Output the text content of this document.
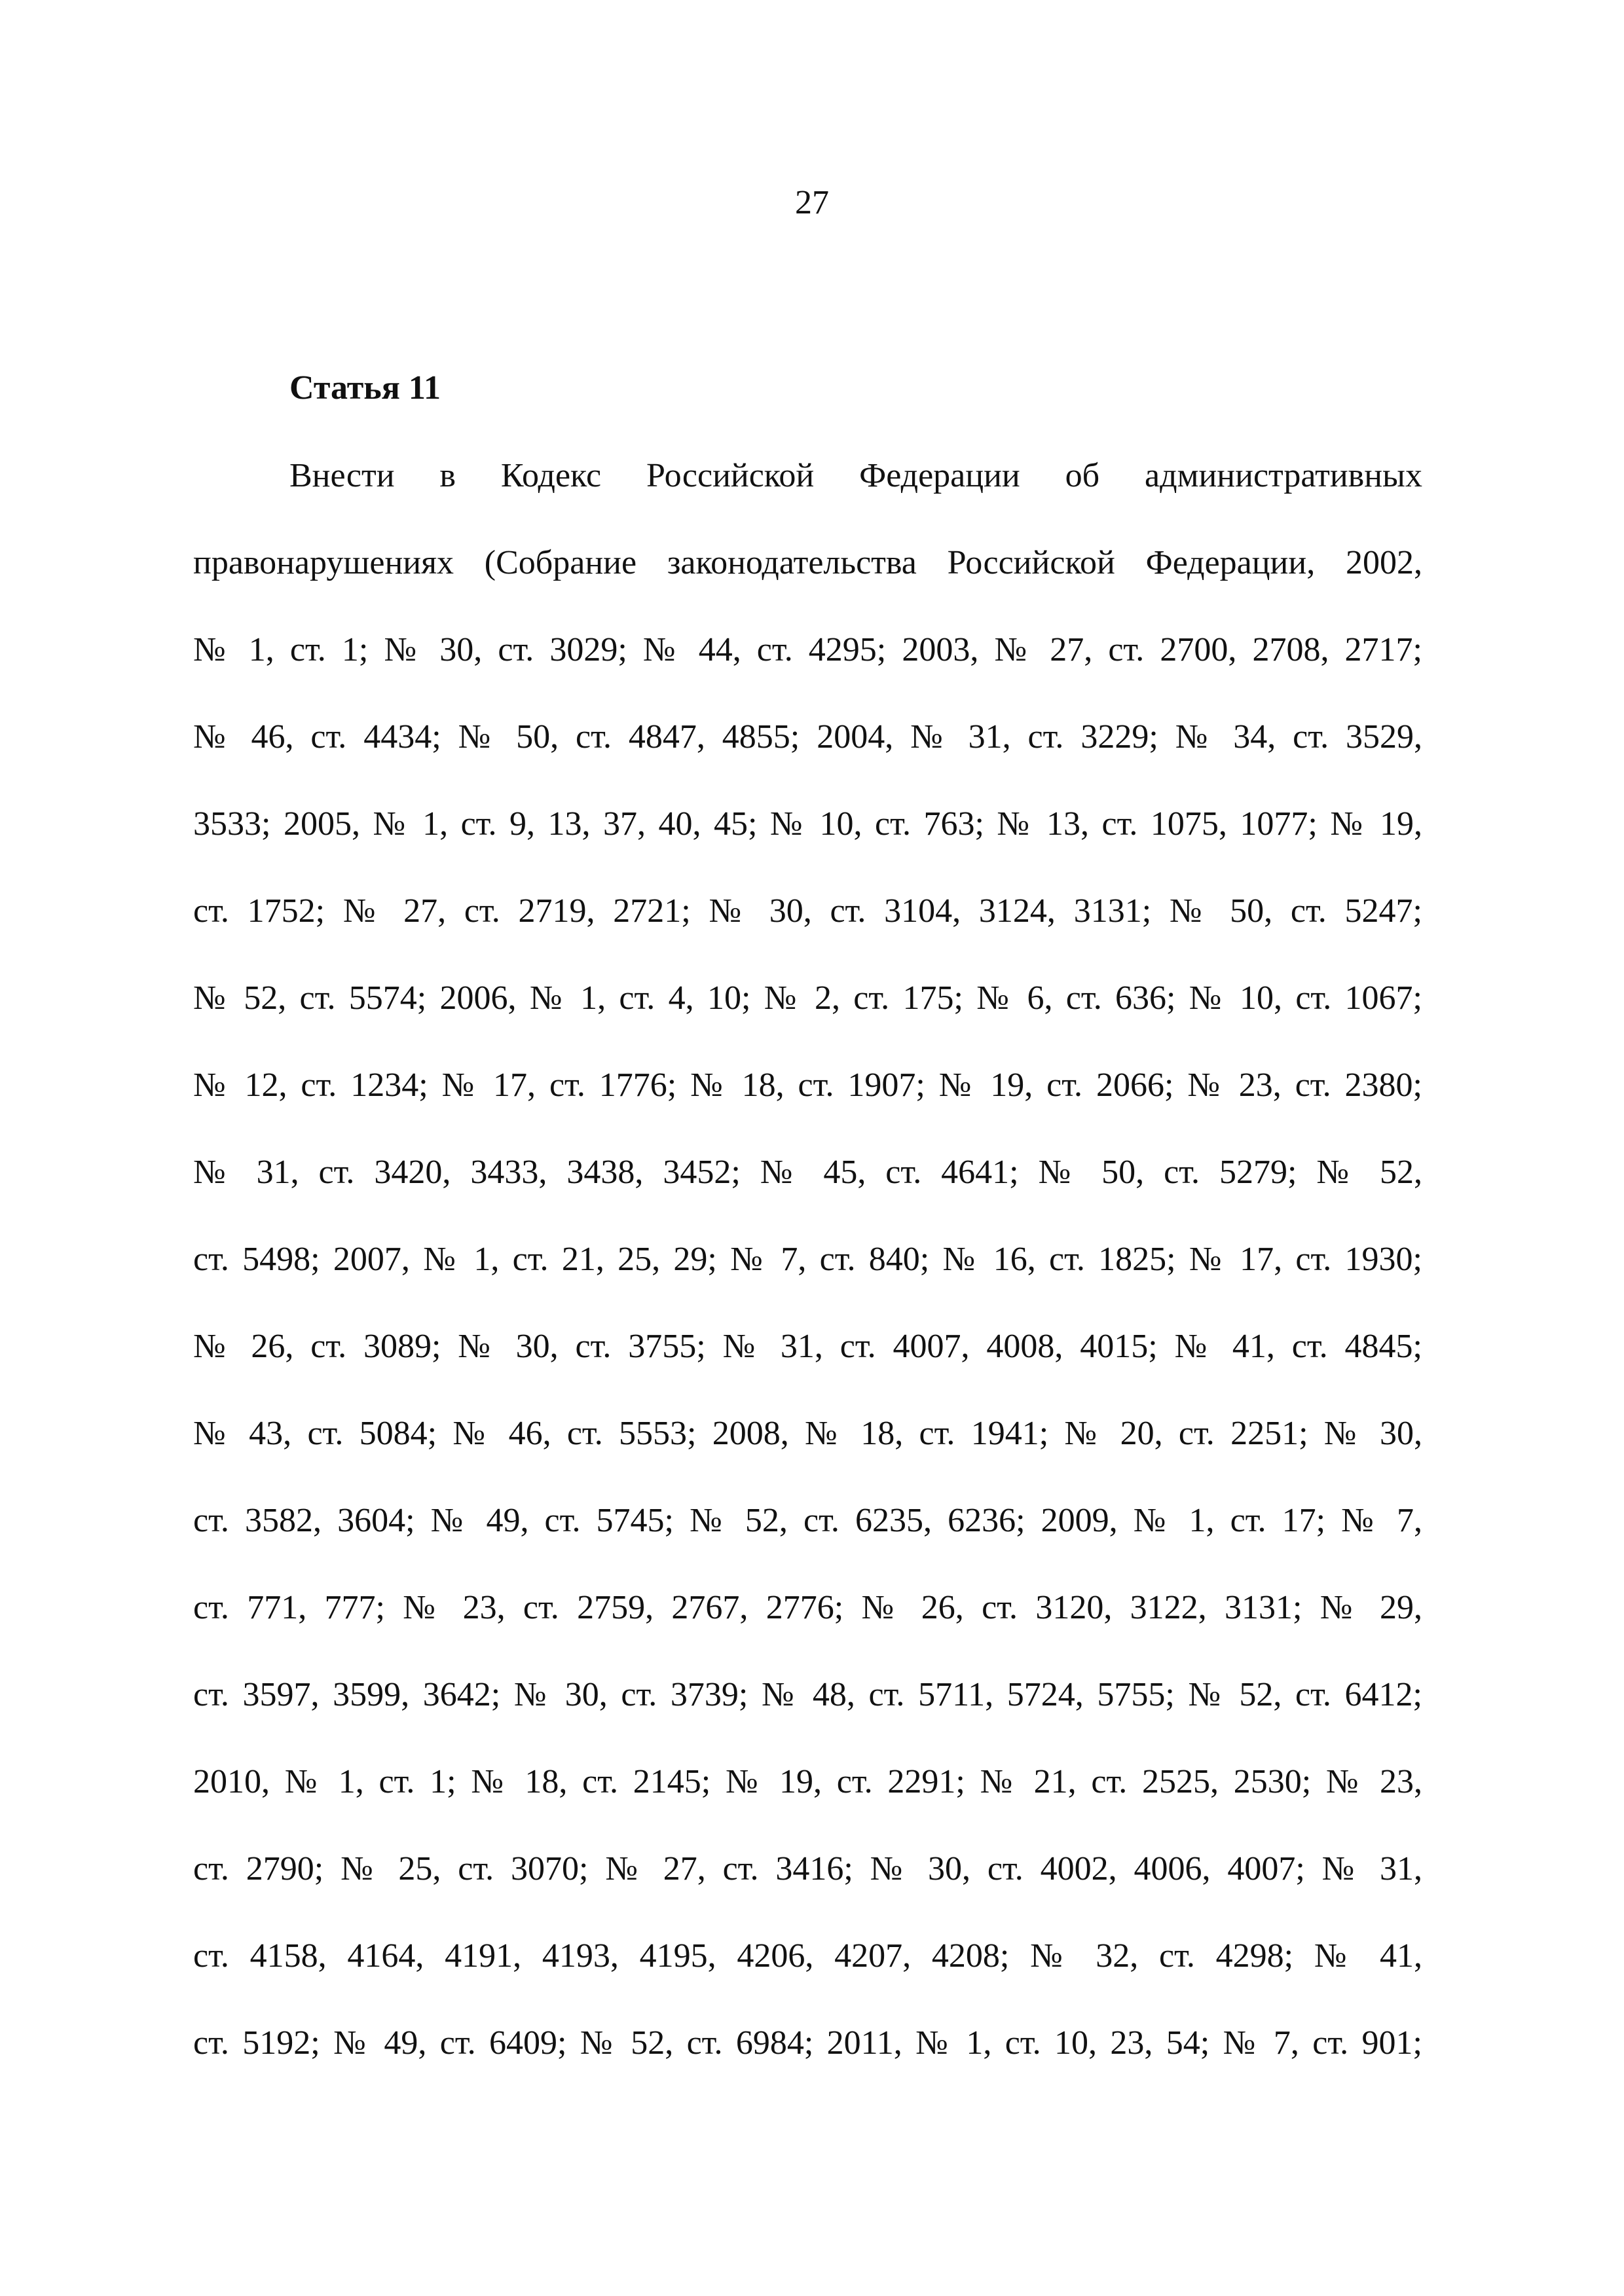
27
Статья 11
Внести в Кодекс Российской Федерации об административных
правонарушениях (Собрание законодательства Российской Федерации, 2002,
№ 1, ст. 1; № 30, ст. 3029; № 44, ст. 4295; 2003, № 27, ст. 2700, 2708, 2717;
№ 46, ст. 4434; № 50, ст. 4847, 4855; 2004, № 31, ст. 3229; № 34, ст. 3529,
3533; 2005, № 1, ст. 9, 13, 37, 40, 45; № 10, ст. 763; № 13, ст. 1075, 1077; № 19,
ст. 1752; № 27, ст. 2719, 2721; № 30, ст. 3104, 3124, 3131; № 50, ст. 5247;
№ 52, ст. 5574; 2006, № 1, ст. 4, 10; № 2, ст. 175; № 6, ст. 636; № 10, ст. 1067;
№ 12, ст. 1234; № 17, ст. 1776; № 18, ст. 1907; № 19, ст. 2066; № 23, ст. 2380;
№ 31, ст. 3420, 3433, 3438, 3452; № 45, ст. 4641; № 50, ст. 5279; № 52,
ст. 5498; 2007, № 1, ст. 21, 25, 29; № 7, ст. 840; № 16, ст. 1825; № 17, ст. 1930;
№ 26, ст. 3089; № 30, ст. 3755; № 31, ст. 4007, 4008, 4015; № 41, ст. 4845;
№ 43, ст. 5084; № 46, ст. 5553; 2008, № 18, ст. 1941; № 20, ст. 2251; № 30,
ст. 3582, 3604; № 49, ст. 5745; № 52, ст. 6235, 6236; 2009, № 1, ст. 17; № 7,
ст. 771, 777; № 23, ст. 2759, 2767, 2776; № 26, ст. 3120, 3122, 3131; № 29,
ст. 3597, 3599, 3642; № 30, ст. 3739; № 48, ст. 5711, 5724, 5755; № 52, ст. 6412;
2010, № 1, ст. 1; № 18, ст. 2145; № 19, ст. 2291; № 21, ст. 2525, 2530; № 23,
ст. 2790; № 25, ст. 3070; № 27, ст. 3416; № 30, ст. 4002, 4006, 4007; № 31,
ст. 4158, 4164, 4191, 4193, 4195, 4206, 4207, 4208; № 32, ст. 4298; № 41,
ст. 5192; № 49, ст. 6409; № 52, ст. 6984; 2011, № 1, ст. 10, 23, 54; № 7, ст. 901;
